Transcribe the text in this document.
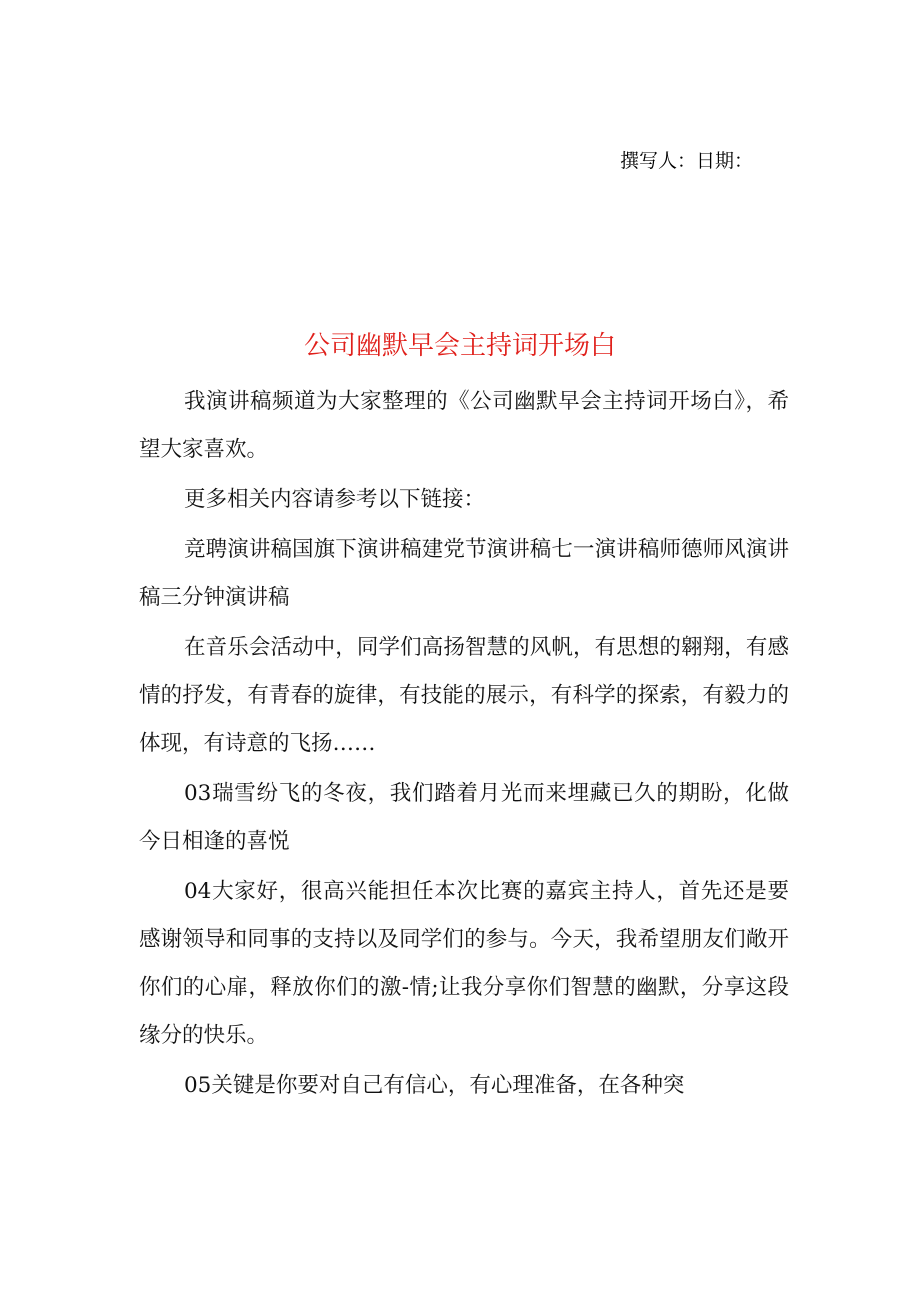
撰写人：日期：
公司幽默早会主持词开场白

我演讲稿频道为大家整理的《公司幽默早会主持词开场白》，希望大家喜欢。

更多相关内容请参考以下链接：

竞聘演讲稿国旗下演讲稿建党节演讲稿七一演讲稿师德师风演讲稿三分钟演讲稿

在音乐会活动中，同学们高扬智慧的风帆，有思想的翱翔，有感情的抒发，有青春的旋律，有技能的展示，有科学的探索，有毅力的体现，有诗意的飞扬……

03瑞雪纷飞的冬夜，我们踏着月光而来埋藏已久的期盼，化做今日相逢的喜悦

04大家好，很高兴能担任本次比赛的嘉宾主持人，首先还是要感谢领导和同事的支持以及同学们的参与。今天，我希望朋友们敞开你们的心扉，释放你们的激-情;让我分享你们智慧的幽默，分享这段缘分的快乐。

05关键是你要对自己有信心，有心理准备，在各种突
